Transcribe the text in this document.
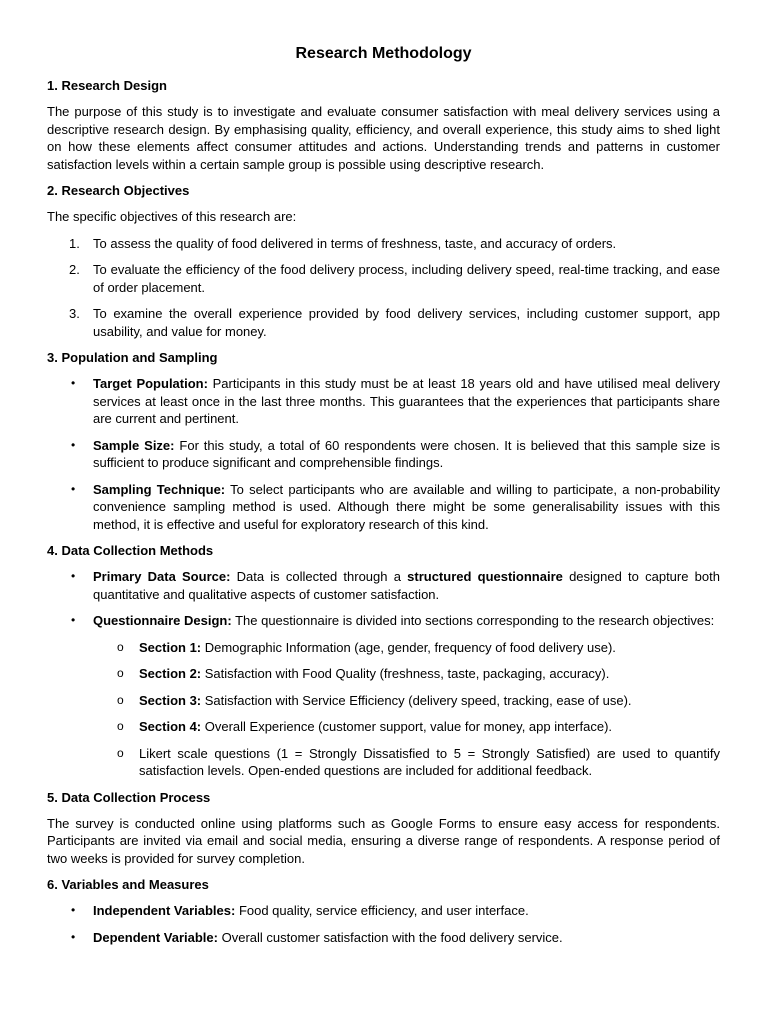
Research Methodology
1. Research Design

The purpose of this study is to investigate and evaluate consumer satisfaction with meal delivery services using a descriptive research design. By emphasising quality, efficiency, and overall experience, this study aims to shed light on how these elements affect consumer attitudes and actions. Understanding trends and patterns in customer satisfaction levels within a certain sample group is possible using descriptive research.

2. Research Objectives

The specific objectives of this research are:

1. To assess the quality of food delivered in terms of freshness, taste, and accuracy of orders.
2. To evaluate the efficiency of the food delivery process, including delivery speed, real-time tracking, and ease of order placement.
3. To examine the overall experience provided by food delivery services, including customer support, app usability, and value for money.
3. Population and Sampling
• Target Population: Participants in this study must be at least 18 years old and have utilised meal delivery services at least once in the last three months. This guarantees that the experiences that participants share are current and pertinent.
• Sample Size: For this study, a total of 60 respondents were chosen. It is believed that this sample size is sufficient to produce significant and comprehensible findings.
• Sampling Technique: To select participants who are available and willing to participate, a non-probability convenience sampling method is used. Although there might be some generalisability issues with this method, it is effective and useful for exploratory research of this kind.
4. Data Collection Methods
• Primary Data Source: Data is collected through a structured questionnaire designed to capture both quantitative and qualitative aspects of customer satisfaction.
• Questionnaire Design: The questionnaire is divided into sections corresponding to the research objectives:
o Section 1: Demographic Information (age, gender, frequency of food delivery use).
o Section 2: Satisfaction with Food Quality (freshness, taste, packaging, accuracy).
o Section 3: Satisfaction with Service Efficiency (delivery speed, tracking, ease of use).
o Section 4: Overall Experience (customer support, value for money, app interface).
o Likert scale questions (1 = Strongly Dissatisfied to 5 = Strongly Satisfied) are used to quantify satisfaction levels. Open-ended questions are included for additional feedback.
5. Data Collection Process

The survey is conducted online using platforms such as Google Forms to ensure easy access for respondents. Participants are invited via email and social media, ensuring a diverse range of respondents. A response period of two weeks is provided for survey completion.

6. Variables and Measures
• Independent Variables: Food quality, service efficiency, and user interface.
• Dependent Variable: Overall customer satisfaction with the food delivery service.
